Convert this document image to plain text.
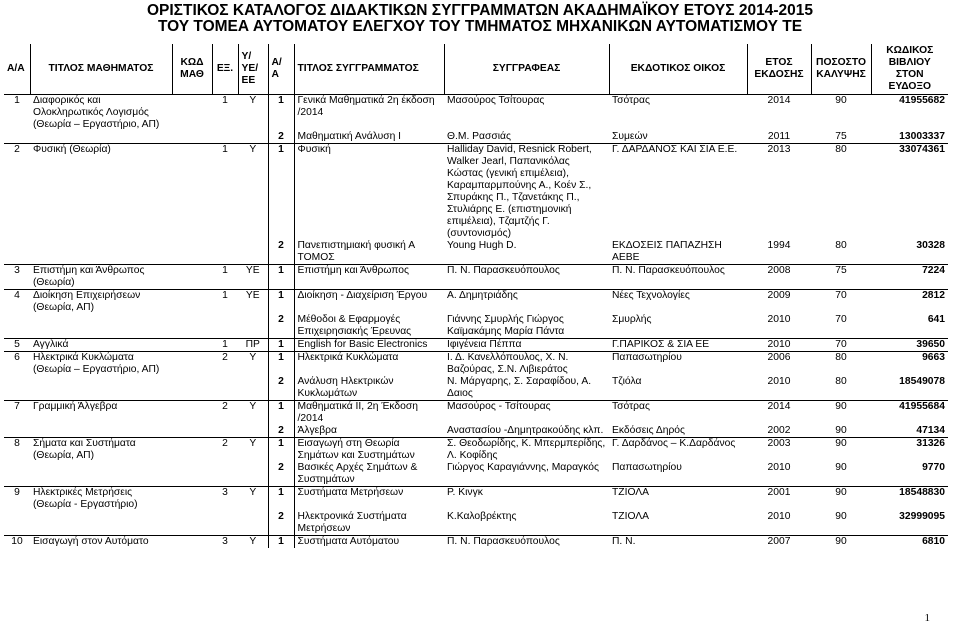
ΟΡΙΣΤΙΚΟΣ ΚΑΤΑΛΟΓΟΣ ΔΙΔΑΚΤΙΚΩΝ ΣΥΓΓΡΑΜΜΑΤΩΝ ΑΚΑΔΗΜΑΪΚΟΥ ΕΤΟΥΣ 2014-2015
ΤΟΥ ΤΟΜΕΑ ΑΥΤΟΜΑΤΟΥ ΕΛΕΓΧΟΥ ΤΟΥ ΤΜΗΜΑΤΟΣ ΜΗΧΑΝΙΚΩΝ ΑΥΤΟΜΑΤΙΣΜΟΥ ΤΕ
Α/Α	ΤΙΤΛΟΣ ΜΑΘΗΜΑΤΟΣ	ΚΩΔ ΜΑΘ	ΕΞ.	Υ/ ΥΕ/ ΕΕ	Α/ Α	ΤΙΤΛΟΣ ΣΥΓΓΡΑΜΜΑΤΟΣ	ΣΥΓΓΡΑΦΕΑΣ	ΕΚΔΟΤΙΚΟΣ ΟΙΚΟΣ	ΕΤΟΣ ΕΚΔΟΣΗΣ	ΠΟΣΟΣΤΟ ΚΑΛΥΨΗΣ	ΚΩΔΙΚΟΣ ΒΙΒΛΙΟΥ ΣΤΟΝ ΕΥΔΟΞΟ
1	Διαφορικός και Ολοκληρωτικός Λογισμός (Θεωρία – Εργαστήριο, ΑΠ)		1	Υ	1	Γενικά Μαθηματικά 2η έκδοση /2014	Μασούρος Τσίτουρας	Τσότρας	2014	90	41955682
					2	Μαθηματική Ανάλυση Ι	Θ.Μ. Ρασσιάς	Συμεών	2011	75	13003337
2	Φυσική (Θεωρία)		1	Υ	1	Φυσική	Halliday David, Resnick Robert, Walker Jearl, Παπανικόλας Κώστας (γενική επιμέλεια), Καραμπαρμπούνης Α., Κοέν Σ., Σπυράκης Π., Τζανετάκης Π., Στυλιάρης Ε. (επιστημονική επιμέλεια), Τζαμτζής Γ. (συντονισμός)	Γ. ΔΑΡΔΑΝΟΣ ΚΑΙ ΣΙΑ Ε.Ε.	2013	80	33074361
					2	Πανεπιστημιακή φυσική Α ΤΟΜΟΣ	Young Hugh D.	ΕΚΔΟΣΕΙΣ ΠΑΠΑΖΗΣΗ ΑΕΒΕ	1994	80	30328
3	Επιστήμη και Άνθρωπος (Θεωρία)		1	ΥΕ	1	Επιστήμη και Άνθρωπος	Π. Ν. Παρασκευόπουλος	Π. Ν. Παρασκευόπουλος	2008	75	7224
4	Διοίκηση Επιχειρήσεων (Θεωρία, ΑΠ)		1	ΥΕ	1	Διοίκηση - Διαχείριση Έργου	Α. Δημητριάδης	Νέες Τεχνολογίες	2009	70	2812
					2	Μέθοδοι & Εφαρμογές Επιχειρησιακής Έρευνας	Γιάννης Σμυρλής Γιώργος Καϊμακάμης Μαρία Πάντα	Σμυρλής	2010	70	641
5	Αγγλικά		1	ΠΡ	1	English for Basic Electronics	Ιφιγένεια Πέππα	Γ.ΠΑΡΙΚΟΣ & ΣΙΑ ΕΕ	2010	70	39650
6	Ηλεκτρικά Κυκλώματα (Θεωρία – Εργαστήριο, ΑΠ)		2	Υ	1	Ηλεκτρικά Κυκλώματα	Ι. Δ. Κανελλόπουλος, Χ. Ν. Βαζούρας, Σ.Ν. Λιβιεράτος	Παπασωτηρίου	2006	80	9663
					2	Ανάλυση Ηλεκτρικών Κυκλωμάτων	Ν. Μάργαρης, Σ. Σαραφίδου, Α. Δαιος	Τζιόλα	2010	80	18549078
7	Γραμμική Άλγεβρα		2	Υ	1	Μαθηματικά ΙΙ, 2η Έκδοση /2014	Μασούρος - Τσίτουρας	Τσότρας	2014	90	41955684
					2	Άλγεβρα	Αναστασίου -Δημητρακούδης κλπ.	Εκδόσεις Δηρός	2002	90	47134
8	Σήματα και Συστήματα (Θεωρία, ΑΠ)		2	Υ	1	Εισαγωγή στη Θεωρία Σημάτων και Συστημάτων	Σ. Θεοδωρίδης, Κ. Μπερμπερίδης, Λ. Κοφίδης	Γ. Δαρδάνος – Κ.Δαρδάνος	2003	90	31326
					2	Βασικές Αρχές Σημάτων & Συστημάτων	Γιώργος Καραγιάννης, Μαραγκός	Παπασωτηρίου	2010	90	9770
9	Ηλεκτρικές Μετρήσεις (Θεωρία - Εργαστήριο)		3	Υ	1	Συστήματα Μετρήσεων	Ρ. Κινγκ	ΤΖΙΟΛΑ	2001	90	18548830
					2	Ηλεκτρονικά Συστήματα Μετρήσεων	Κ.Καλοβρέκτης	ΤΖΙΟΛΑ	2010	90	32999095
10	Εισαγωγή στον Αυτόματο		3	Υ	1	Συστήματα Αυτόματου	Π. Ν. Παρασκευόπουλος	Π. Ν.	2007	90	6810
1
